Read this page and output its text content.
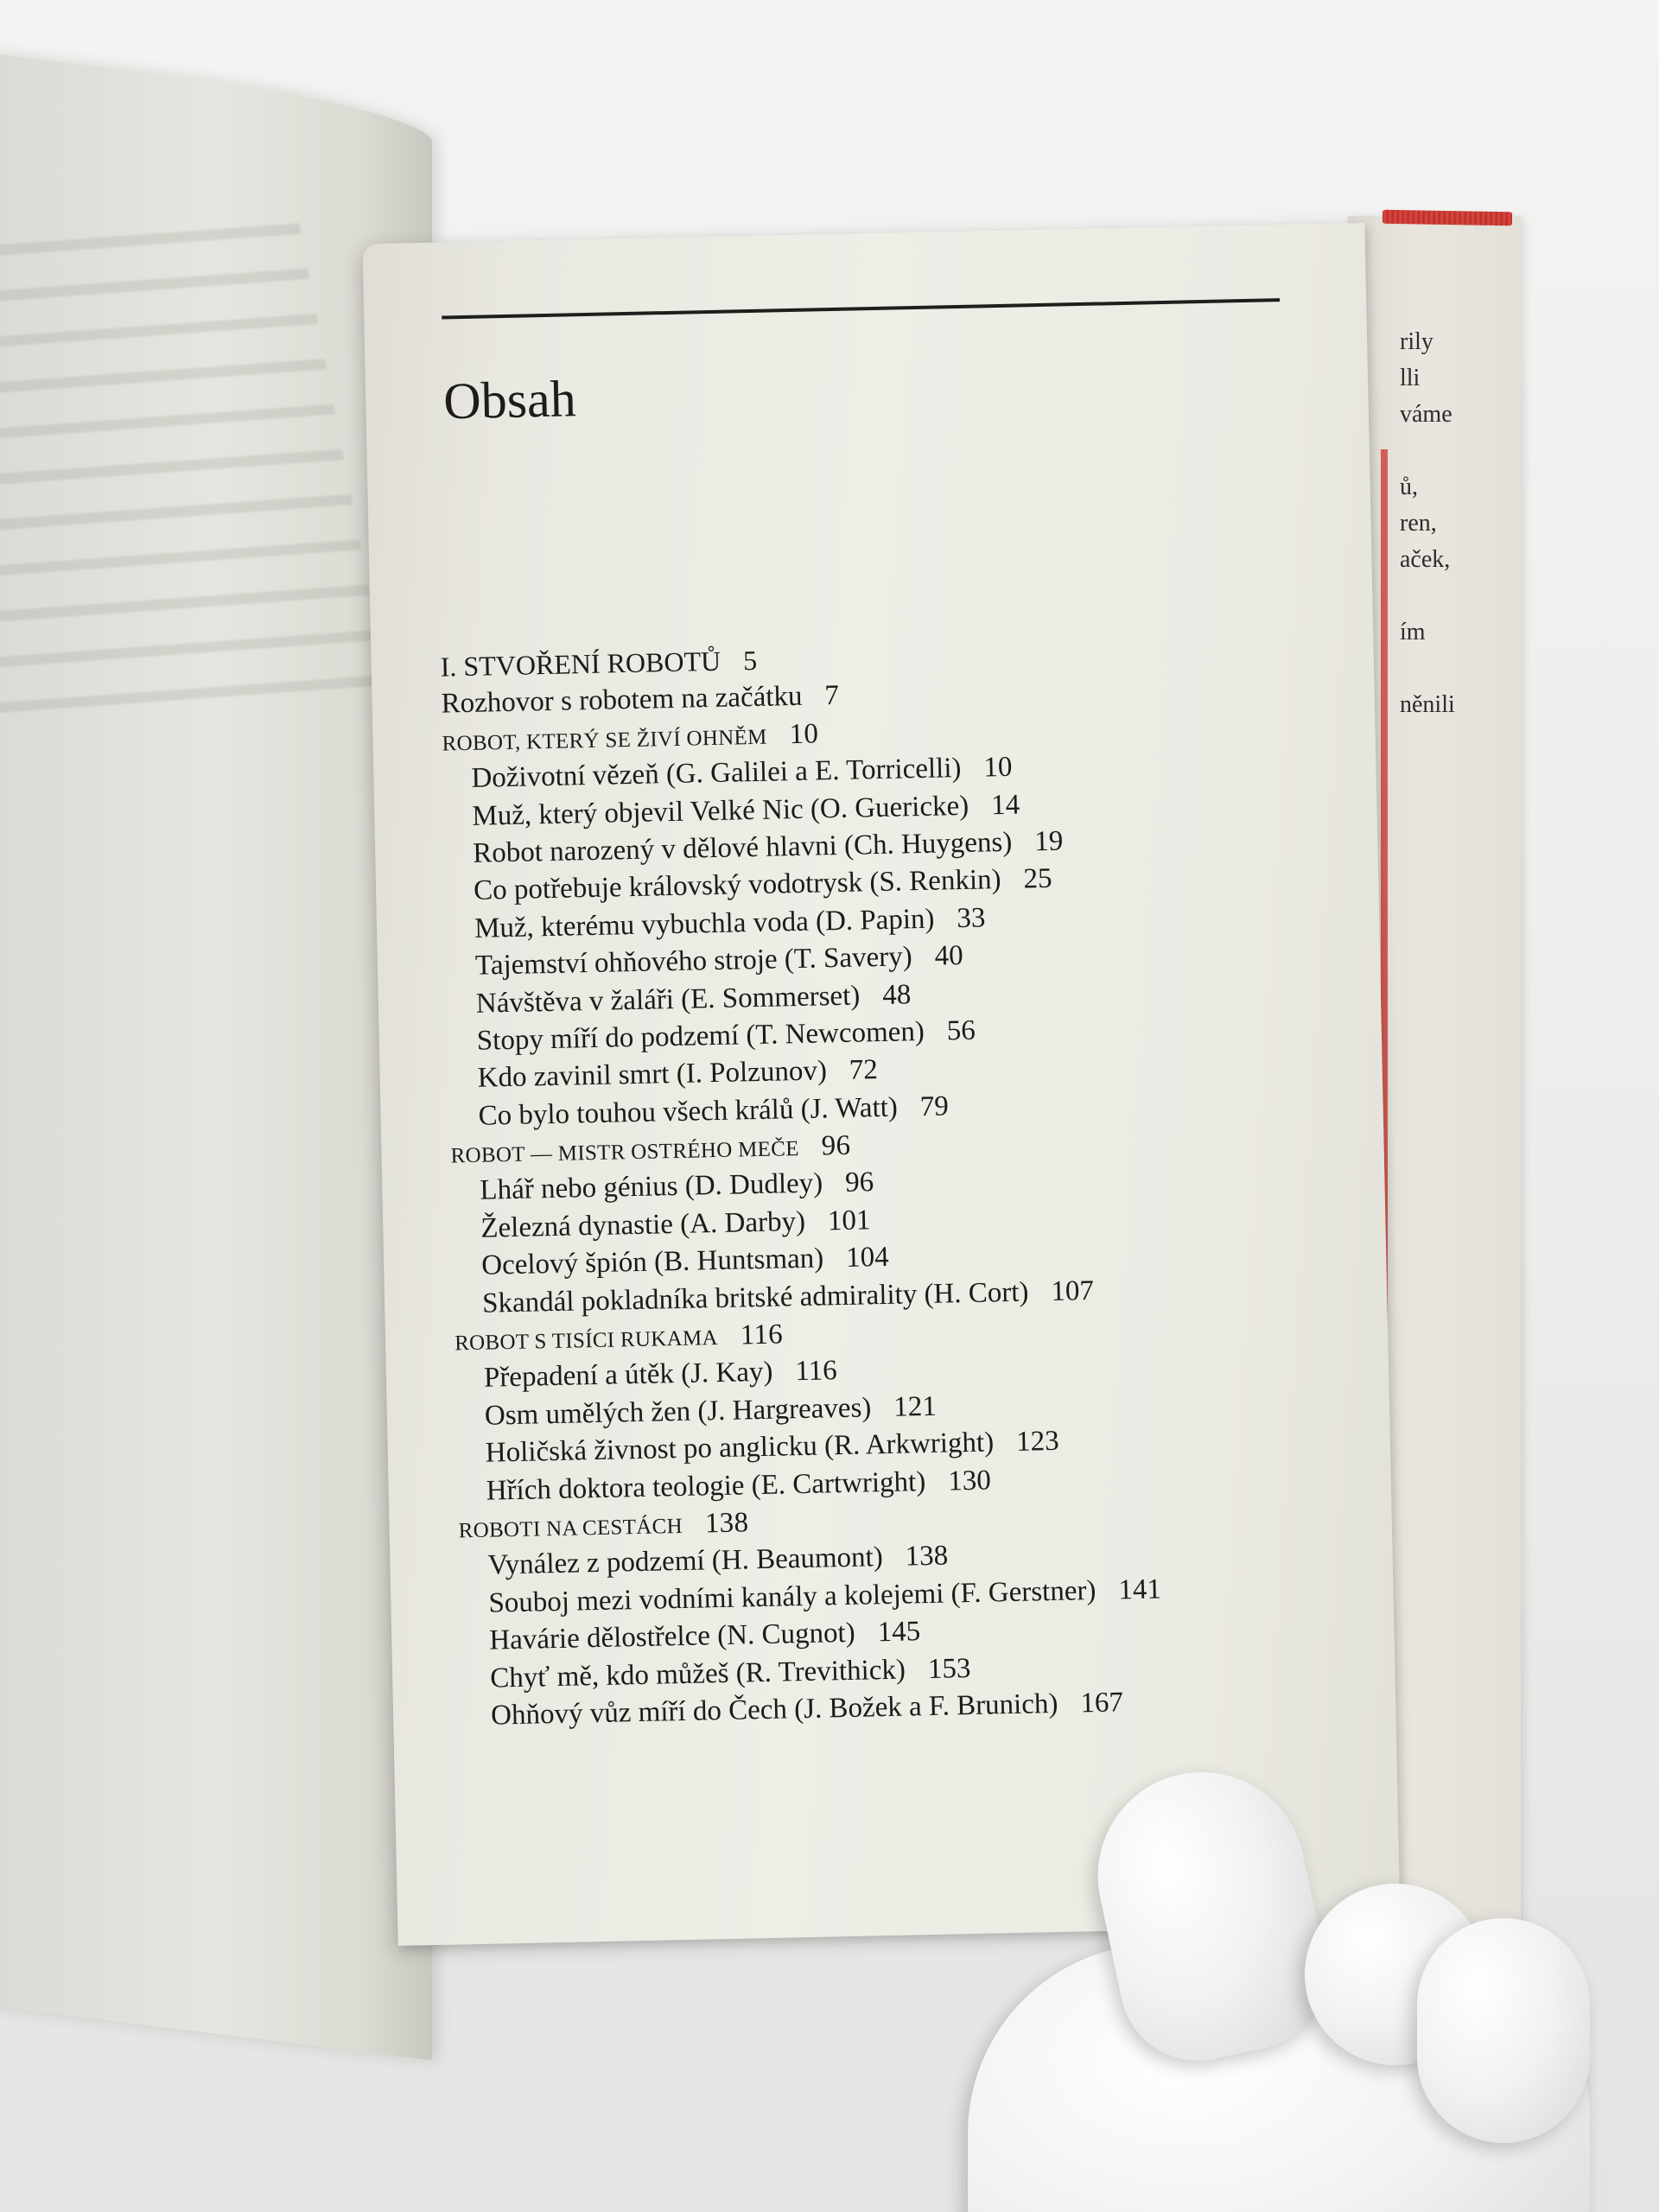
rily
lli
váme
ů,
ren,
aček,
ím
něnili
Obsah
I. STVOŘENÍ ROBOTŮ 5
Rozhovor s robotem na začátku 7
ROBOT, KTERÝ SE ŽIVÍ OHNĚM 10
Doživotní vězeň (G. Galilei a E. Torricelli) 10
Muž, který objevil Velké Nic (O. Guericke) 14
Robot narozený v dělové hlavni (Ch. Huygens) 19
Co potřebuje královský vodotrysk (S. Renkin) 25
Muž, kterému vybuchla voda (D. Papin) 33
Tajemství ohňového stroje (T. Savery) 40
Návštěva v žaláři (E. Sommerset) 48
Stopy míří do podzemí (T. Newcomen) 56
Kdo zavinil smrt (I. Polzunov) 72
Co bylo touhou všech králů (J. Watt) 79
ROBOT — MISTR OSTRÉHO MEČE 96
Lhář nebo génius (D. Dudley) 96
Železná dynastie (A. Darby) 101
Ocelový špión (B. Huntsman) 104
Skandál pokladníka britské admirality (H. Cort) 107
ROBOT S TISÍCI RUKAMA 116
Přepadení a útěk (J. Kay) 116
Osm umělých žen (J. Hargreaves) 121
Holičská živnost po anglicku (R. Arkwright) 123
Hřích doktora teologie (E. Cartwright) 130
ROBOTI NA CESTÁCH 138
Vynález z podzemí (H. Beaumont) 138
Souboj mezi vodními kanály a kolejemi (F. Gerstner) 141
Havárie dělostřelce (N. Cugnot) 145
Chyť mě, kdo můžeš (R. Trevithick) 153
Ohňový vůz míří do Čech (J. Božek a F. Brunich) 167
